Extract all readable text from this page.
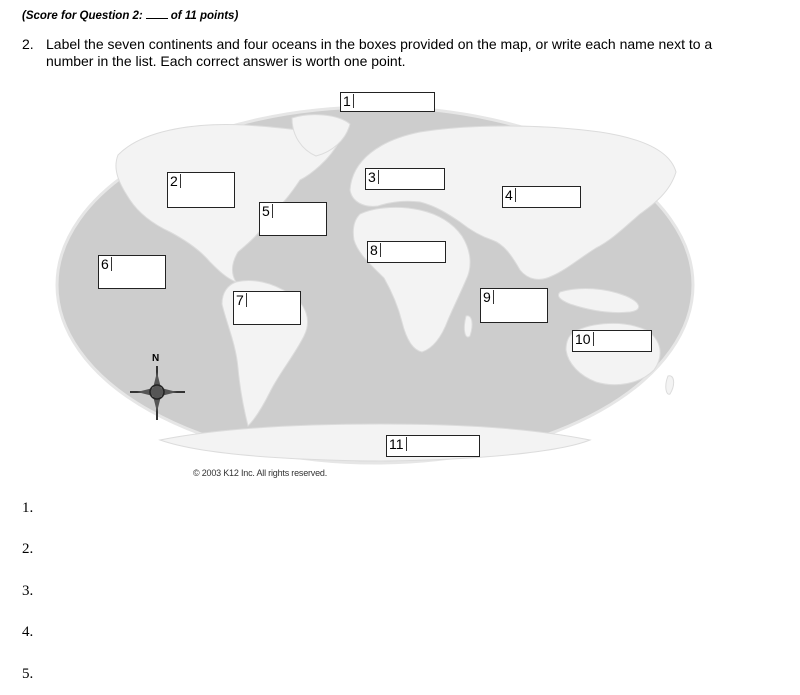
(Score for Question 2: of 11 points)
2. Label the seven continents and four oceans in the boxes provided on the map, or write each name next to a number in the list. Each correct answer is worth one point.
N
1
2	3
4
5
6
7
8
9
10
11
© 2003 K12 Inc. All rights reserved.
1.
2.
3.
4.
5.
